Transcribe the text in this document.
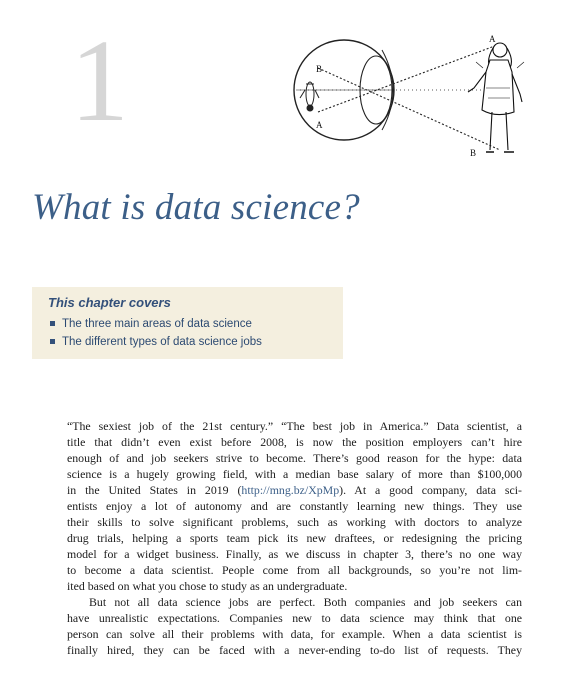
1	A
B
A
B
What is data science?

This chapter covers

The three main areas of data science
The different types of data science jobs

“The sexiest job of the 21st century.” “The best job in America.” Data scientist, a
title that didn’t even exist before 2008, is now the position employers can’t hire
enough of and job seekers strive to become. There’s good reason for the hype: data
science is a hugely growing field, with a median base salary of more than $100,000
in the United States in 2019 (http://mng.bz/XpMp). At a good company, data sci-
entists enjoy a lot of autonomy and are constantly learning new things. They use
their skills to solve significant problems, such as working with doctors to analyze
drug trials, helping a sports team pick its new draftees, or redesigning the pricing
model for a widget business. Finally, as we discuss in chapter 3, there’s no one way
to become a data scientist. People come from all backgrounds, so you’re not lim-
ited based on what you chose to study as an undergraduate.

But not all data science jobs are perfect. Both companies and job seekers can
have unrealistic expectations. Companies new to data science may think that one
person can solve all their problems with data, for example. When a data scientist is
finally hired, they can be faced with a never-ending to-do list of requests. They
